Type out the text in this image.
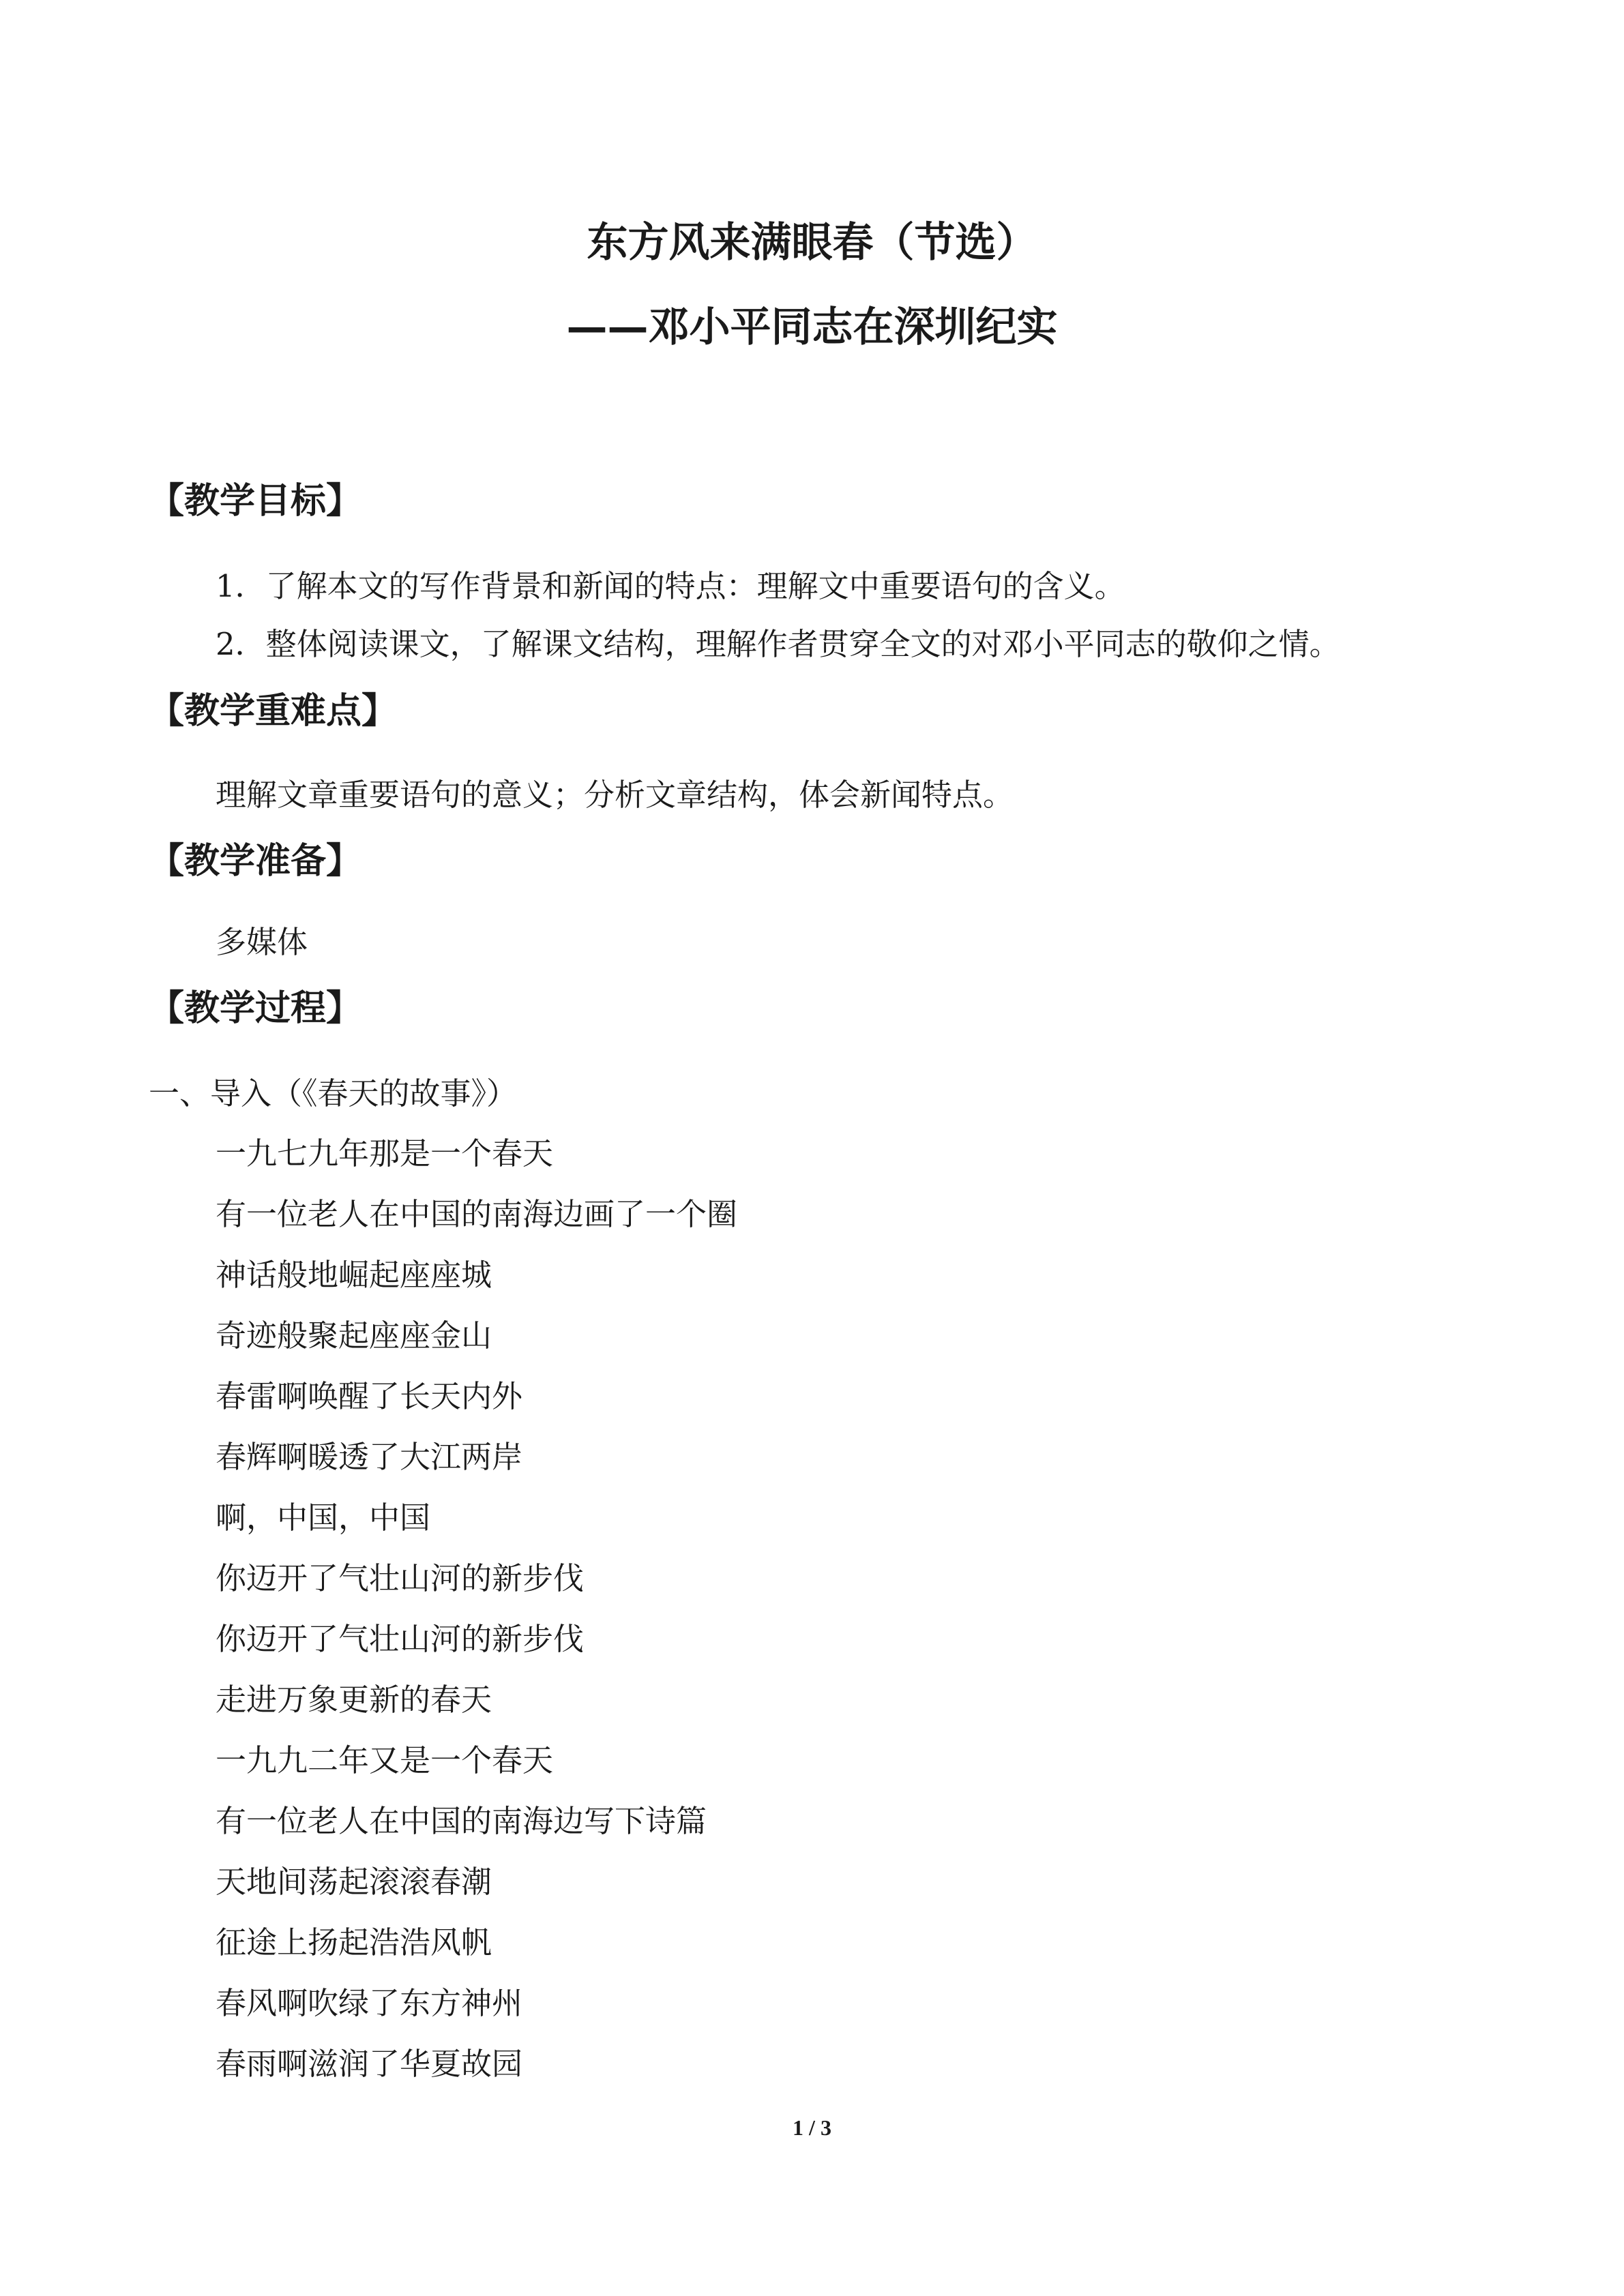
东方风来满眼春（节选）
——邓小平同志在深圳纪实
【教学目标】

1．了解本文的写作背景和新闻的特点：理解文中重要语句的含义。

2．整体阅读课文，了解课文结构，理解作者贯穿全文的对邓小平同志的敬仰之情。

【教学重难点】

理解文章重要语句的意义；分析文章结构，体会新闻特点。

【教学准备】

多媒体

【教学过程】

一、导入（《春天的故事》）

一九七九年那是一个春天

有一位老人在中国的南海边画了一个圈

神话般地崛起座座城

奇迹般聚起座座金山

春雷啊唤醒了长天内外

春辉啊暖透了大江两岸

啊，中国，中国

你迈开了气壮山河的新步伐

你迈开了气壮山河的新步伐

走进万象更新的春天

一九九二年又是一个春天

有一位老人在中国的南海边写下诗篇

天地间荡起滚滚春潮

征途上扬起浩浩风帆

春风啊吹绿了东方神州

春雨啊滋润了华夏故园

1 / 3
